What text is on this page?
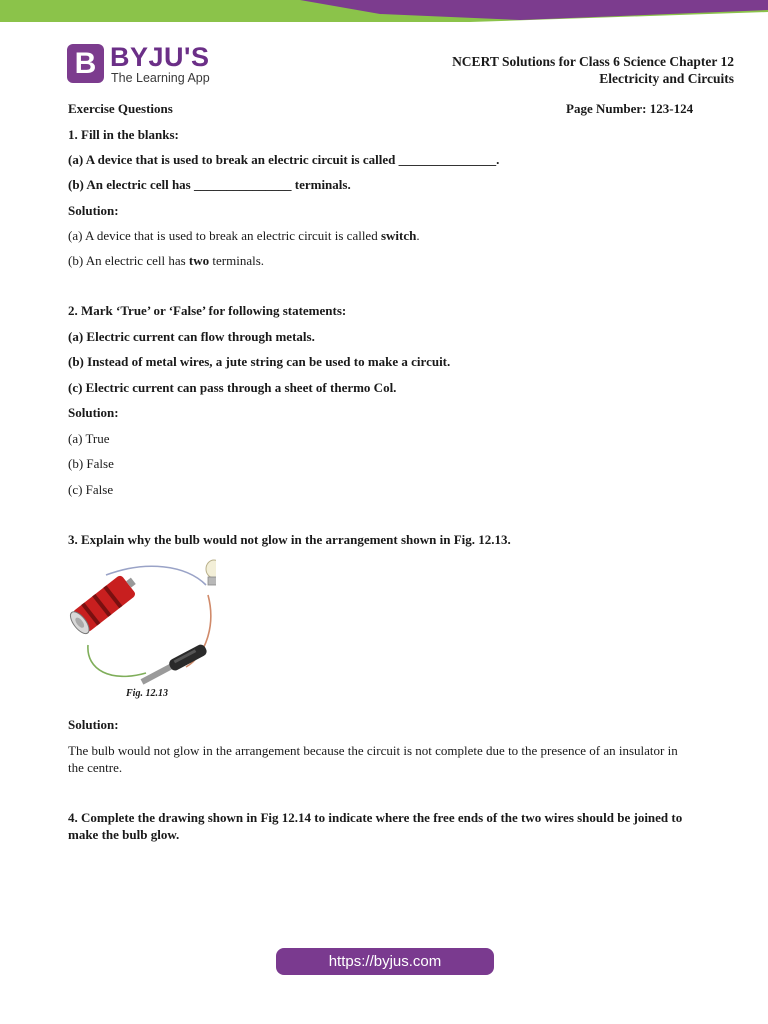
B BYJU'S
The Learning App
NCERT Solutions for Class 6 Science Chapter 12
Electricity and Circuits
Exercise Questions	Page Number: 123-124
1. Fill in the blanks:
(a) A device that is used to break an electric circuit is called _______________.
(b) An electric cell has _______________ terminals.
Solution:
(a) A device that is used to break an electric circuit is called switch.
(b) An electric cell has two terminals.
2. Mark ‘True’ or ‘False’ for following statements:
(a) Electric current can flow through metals.
(b) Instead of metal wires, a jute string can be used to make a circuit.
(c) Electric current can pass through a sheet of thermo Col.
Solution:
(a) True
(b) False
(c) False
3. Explain why the bulb would not glow in the arrangement shown in Fig. 12.13.
Fig. 12.13
Solution:
The bulb would not glow in the arrangement because the circuit is not complete due to the presence of an insulator in the centre.
4. Complete the drawing shown in Fig 12.14 to indicate where the free ends of the two wires should be joined to make the bulb glow.
https://byjus.com
